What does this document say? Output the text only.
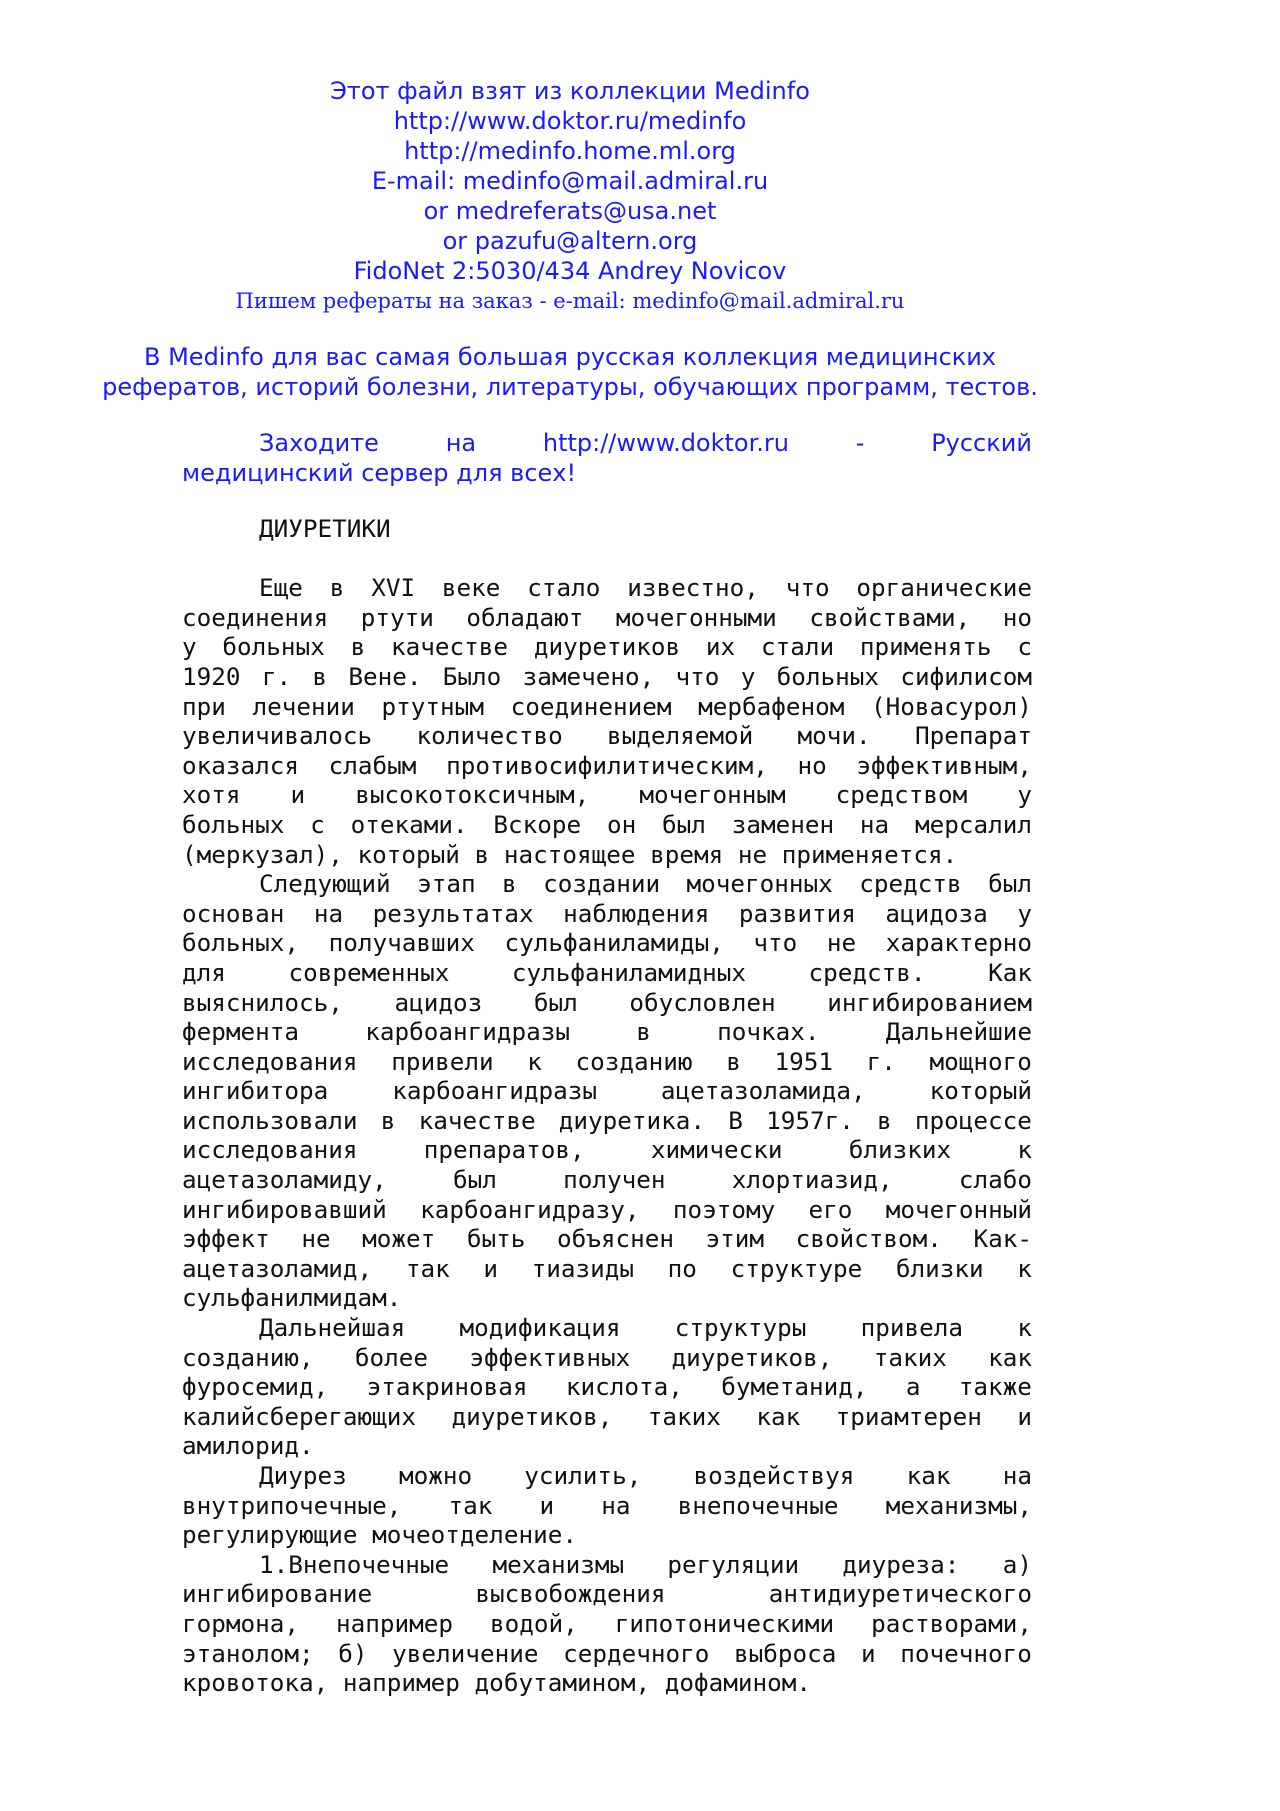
Этот файл взят из коллекции Medinfo
http://www.doktor.ru/medinfo
http://medinfo.home.ml.org
E-mail: medinfo@mail.admiral.ru
or medreferats@usa.net
or pazufu@altern.org
FidoNet 2:5030/434 Andrey Novicov
Пишем рефераты на заказ - e-mail: medinfo@mail.admiral.ru
В Medinfo для вас самая большая русская коллекция медицинских
рефератов, историй болезни, литературы, обучающих программ, тестов.
Заходите	на	http://www.doktor.ru	-	Русский
медицинский сервер для всех!
ДИУРЕТИКИ
Еще в XVI веке стало известно, что органические
соединения ртути обладают мочегонными свойствами, но
у больных в качестве диуретиков их стали применять с
1920 г. в Вене. Было замечено, что у больных сифилисом
при лечении ртутным соединением мербафеном (Новасурол)
увеличивалось количество выделяемой мочи. Препарат
оказался слабым противосифилитическим, но эффективным,
хотя и высокотоксичным, мочегонным средством у
больных с отеками. Вскоре он был заменен на мерсалил
(меркузал), который в настоящее время не применяется.
Следующий этап в создании мочегонных средств был
основан на результатах наблюдения развития ацидоза у
больных, получавших сульфаниламиды, что не характерно
для	современных	сульфаниламидных	средств.	Как
выяснилось, ацидоз был обусловлен ингибированием
фермента	карбоангидразы	в	почках.	Дальнейшие
исследования привели к созданию в 1951 г. мощного
ингибитора	карбоангидразы	ацетазоламида,	который
использовали в качестве диуретика. В 1957г. в процессе
исследования	препаратов,	химически	близких	к
ацетазоламиду,	был	получен	хлортиазид,	слабо
ингибировавший карбоангидразу, поэтому его мочегонный
эффект не может быть объяснен этим свойством. Как-
ацетазоламид, так и тиазиды по структуре близки к
сульфанилмидам.
Дальнейшая модификация структуры привела к
созданию, более эффективных диуретиков, таких как
фуросемид, этакриновая кислота, буметанид, а также
калийсберегающих диуретиков, таких как триамтерен и
амилорид.
Диурез можно усилить, воздействуя как на
внутрипочечные, так и на внепочечные механизмы,
регулирующие мочеотделение.
1.Внепочечные механизмы регуляции диуреза: а)
ингибирование	высвобождения	антидиуретического
гормона, например водой, гипотоническими растворами,
этанолом; б) увеличение сердечного выброса и почечного
кровотока, например добутамином, дофамином.
